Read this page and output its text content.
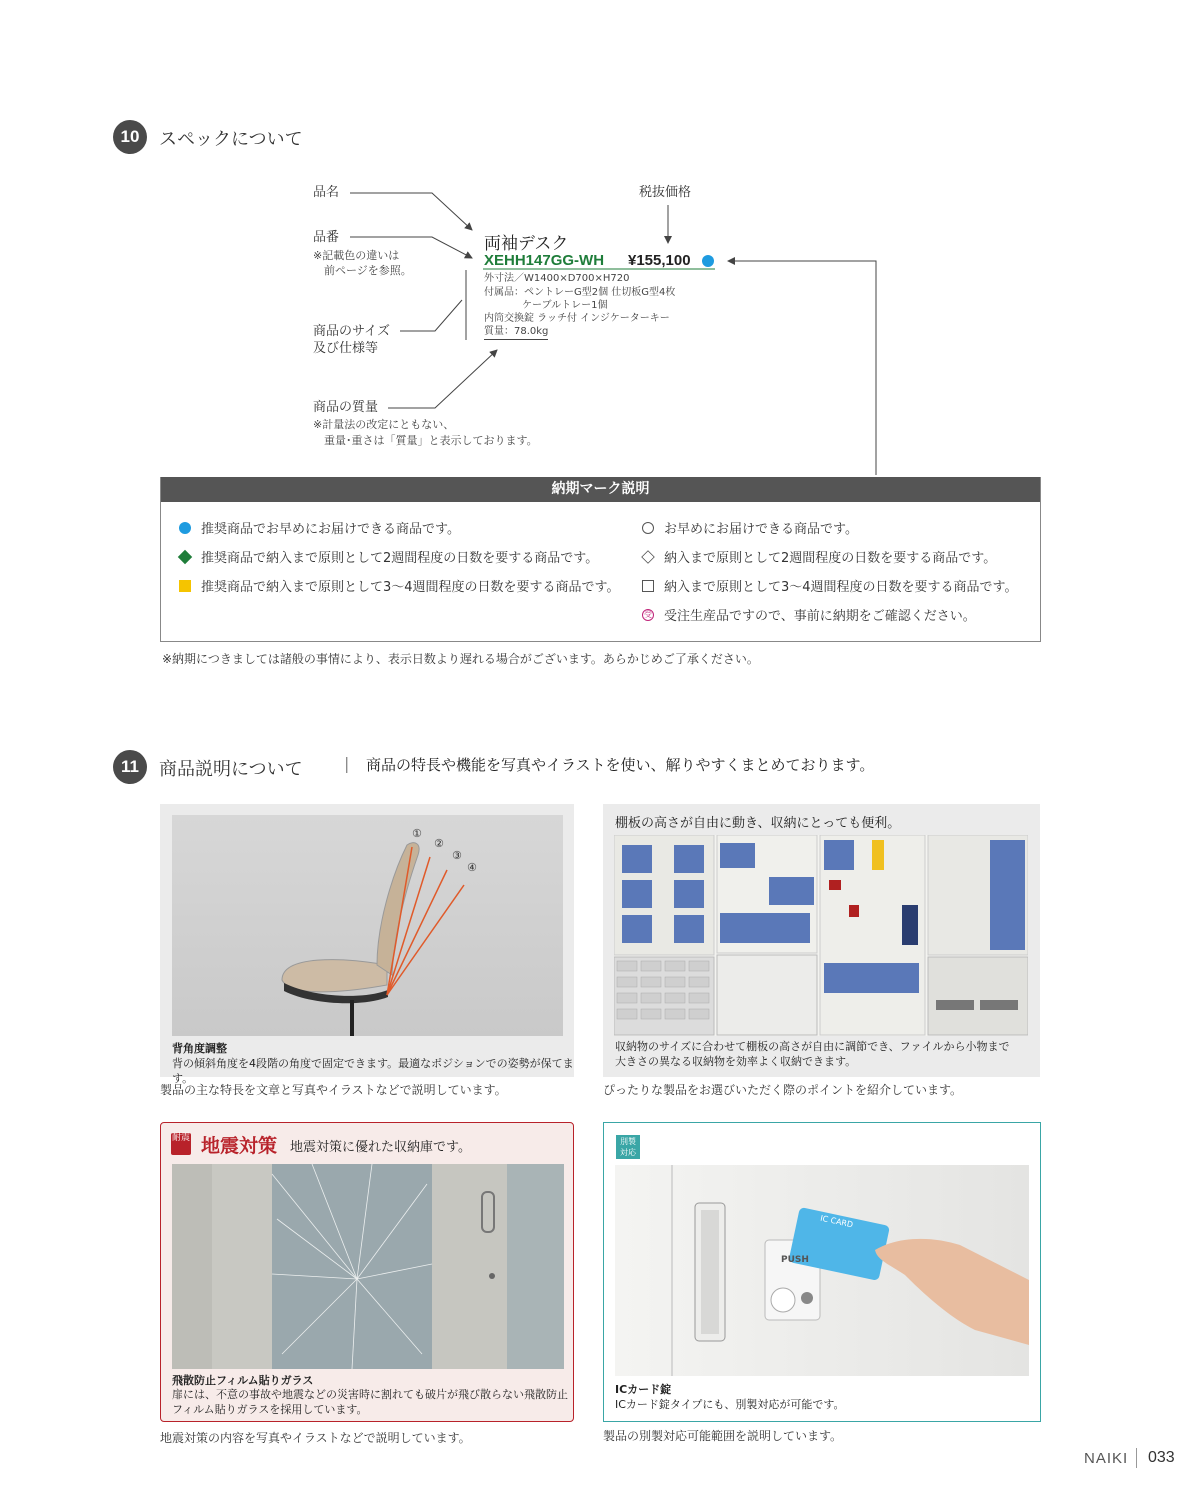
10	スペックについて
品名
品番
※記載色の違いは
前ページを参照。
商品のサイズ
及び仕様等
商品の質量
※計量法の改定にともない、
重量･重さは「質量」と表示しております。
税抜価格
両袖デスク
XEHH147GG-WH ¥155,100
外寸法／W1400×D700×H720
付属品：ペントレーG型2個 仕切板G型4枚
ケーブルトレー1個
内筒交換錠 ラッチ付 インジケーターキー
質量：78.0kg
納期マーク説明
推奨商品でお早めにお届けできる商品です。
推奨商品で納入まで原則として2週間程度の日数を要する商品です。
推奨商品で納入まで原則として3〜4週間程度の日数を要する商品です。
お早めにお届けできる商品です。
納入まで原則として2週間程度の日数を要する商品です。
納入まで原則として3〜4週間程度の日数を要する商品です。
受 受注生産品ですので、事前に納期をご確認ください。
※納期につきましては諸般の事情により、表示日数より遅れる場合がございます。あらかじめご了承ください。
11	商品説明について	| 商品の特長や機能を写真やイラストを使い、解りやすくまとめております。
①
②
③
④
背角度調整
背の傾斜角度を4段階の角度で固定できます。最適なポジションでの姿勢が保てます。
製品の主な特長を文章と写真やイラストなどで説明しています。
棚板の高さが自由に動き、収納にとっても便利。
収納物のサイズに合わせて棚板の高さが自由に調節でき、ファイルから小物まで
大きさの異なる収納物を効率よく収納できます。
ぴったりな製品をお選びいただく際のポイントを紹介しています。
耐震 地震対策 地震対策に優れた収納庫です。
飛散防止フィルム貼りガラス
扉には、不意の事故や地震などの災害時に割れても破片が飛び散らない飛散防止
フィルム貼りガラスを採用しています。
地震対策の内容を写真やイラストなどで説明しています。
別製
対応
IC CARD
PUSH
ICカード錠
ICカード錠タイプにも、別製対応が可能です。
製品の別製対応可能範囲を説明しています。
NAIKI 033
